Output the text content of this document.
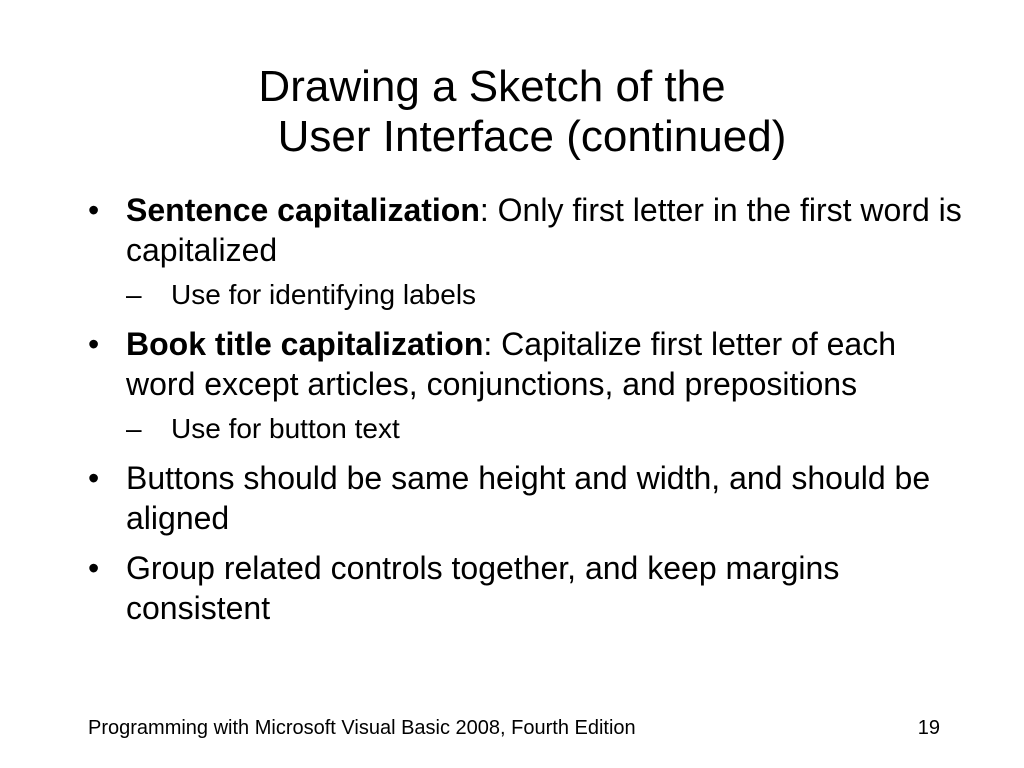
Drawing a Sketch of the
User Interface (continued)
• Sentence capitalization: Only first letter in the first word is capitalized
– Use for identifying labels
• Book title capitalization: Capitalize first letter of each word except articles, conjunctions, and prepositions
– Use for button text
• Buttons should be same height and width, and should be aligned
• Group related controls together, and keep margins consistent
Programming with Microsoft Visual Basic 2008, Fourth Edition	19
